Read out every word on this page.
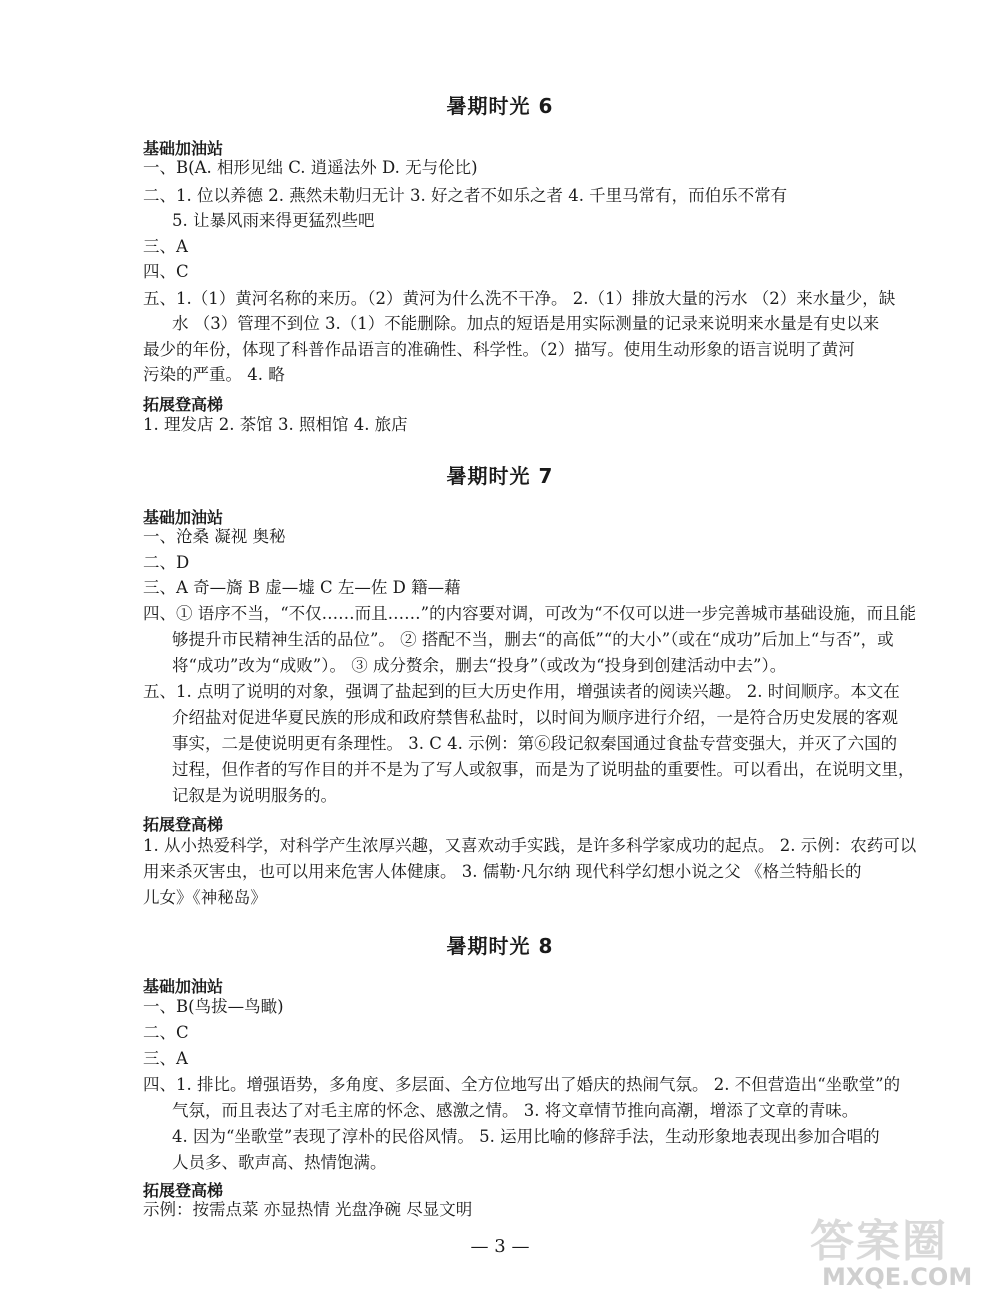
暑期时光 6
基础加油站
一、B(A. 相形见绌 C. 逍遥法外 D. 无与伦比)
二、1. 位以养德 2. 燕然未勒归无计 3. 好之者不如乐之者 4. 千里马常有，而伯乐不常有
5. 让暴风雨来得更猛烈些吧
三、A
四、C
五、1.（1）黄河名称的来历。（2）黄河为什么洗不干净。 2.（1）排放大量的污水 （2）来水量少，缺
水 （3）管理不到位 3.（1）不能删除。加点的短语是用实际测量的记录来说明来水量是有史以来
最少的年份，体现了科普作品语言的准确性、科学性。（2）描写。使用生动形象的语言说明了黄河
污染的严重。 4. 略
拓展登高梯
1. 理发店 2. 茶馆 3. 照相馆 4. 旅店
暑期时光 7
基础加油站
一、沧桑 凝视 奥秘
二、D
三、A 奇—旖 B 虚—墟 C 左—佐 D 籍—藉
四、① 语序不当，“不仅……而且……”的内容要对调，可改为“不仅可以进一步完善城市基础设施，而且能
够提升市民精神生活的品位”。 ② 搭配不当，删去“的高低”“的大小”（或在“成功”后加上“与否”，或
将“成功”改为“成败”）。 ③ 成分赘余，删去“投身”（或改为“投身到创建活动中去”）。
五、1. 点明了说明的对象，强调了盐起到的巨大历史作用，增强读者的阅读兴趣。 2. 时间顺序。本文在
介绍盐对促进华夏民族的形成和政府禁售私盐时，以时间为顺序进行介绍，一是符合历史发展的客观
事实，二是使说明更有条理性。 3. C 4. 示例：第⑥段记叙秦国通过食盐专营变强大，并灭了六国的
过程，但作者的写作目的并不是为了写人或叙事，而是为了说明盐的重要性。可以看出，在说明文里，
记叙是为说明服务的。
拓展登高梯
1. 从小热爱科学，对科学产生浓厚兴趣，又喜欢动手实践，是许多科学家成功的起点。 2. 示例：农药可以
用来杀灭害虫，也可以用来危害人体健康。 3. 儒勒·凡尔纳 现代科学幻想小说之父 《格兰特船长的
儿女》《神秘岛》
暑期时光 8
基础加油站
一、B(鸟拔—鸟瞰)
二、C
三、A
四、1. 排比。增强语势，多角度、多层面、全方位地写出了婚庆的热闹气氛。 2. 不但营造出“坐歌堂”的
气氛，而且表达了对毛主席的怀念、感激之情。 3. 将文章情节推向高潮，增添了文章的青味。
4. 因为“坐歌堂”表现了淳朴的民俗风情。 5. 运用比喻的修辞手法，生动形象地表现出参加合唱的
人员多、歌声高、热情饱满。
拓展登高梯
示例：按需点菜 亦显热情 光盘净碗 尽显文明
— 3 —	答案圈
MXQE.COM
